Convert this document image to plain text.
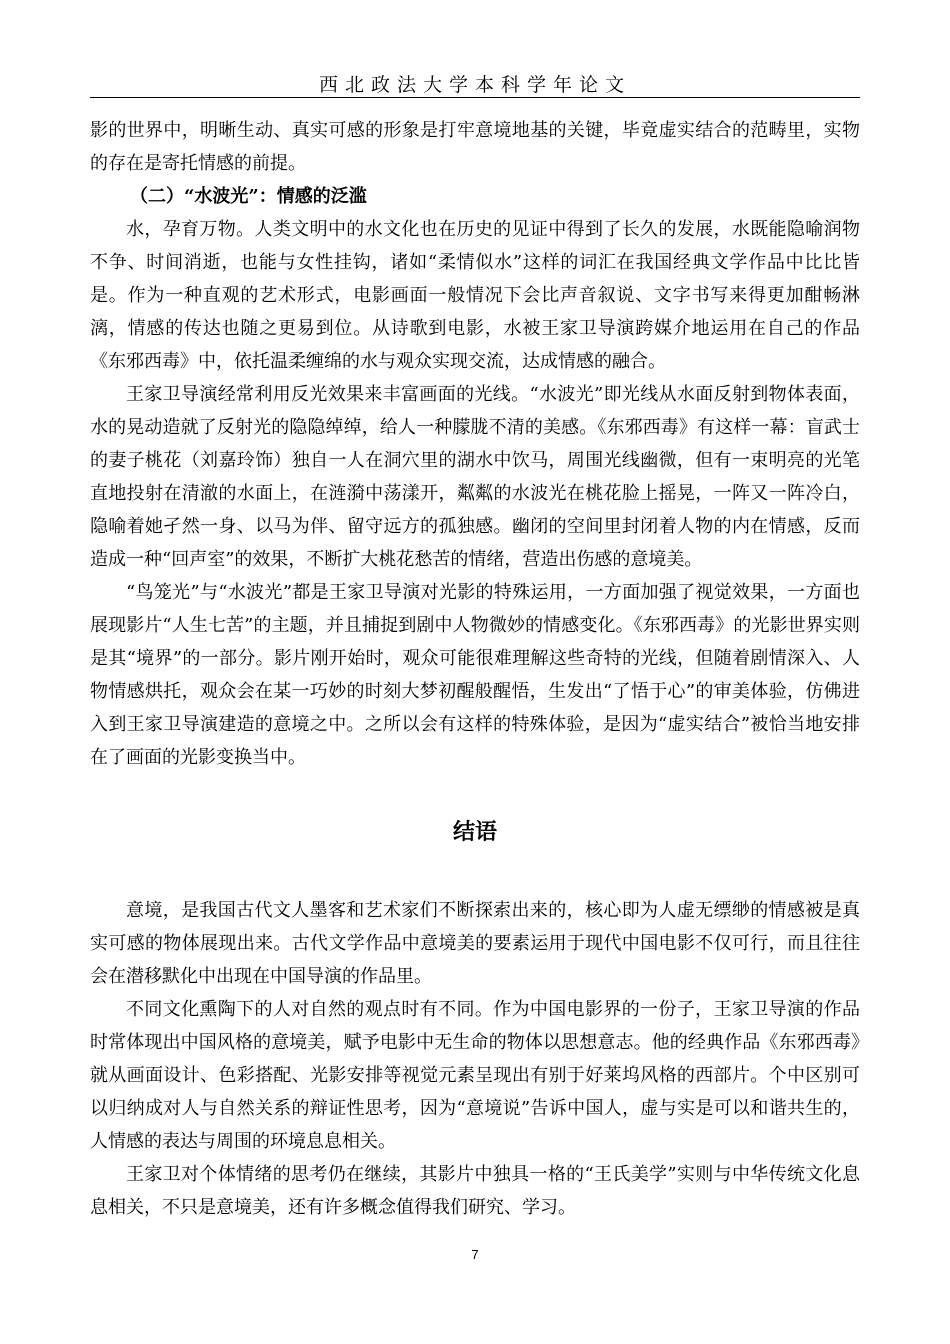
西北政法大学本科学年论文

影的世界中，明晰生动、真实可感的形象是打牢意境地基的关键，毕竟虚实结合的范畴里，实物的存在是寄托情感的前提。

（二）“水波光”：情感的泛滥

水，孕育万物。人类文明中的水文化也在历史的见证中得到了长久的发展，水既能隐喻润物不争、时间消逝，也能与女性挂钩，诸如“柔情似水”这样的词汇在我国经典文学作品中比比皆是。作为一种直观的艺术形式，电影画面一般情况下会比声音叙说、文字书写来得更加酣畅淋漓，情感的传达也随之更易到位。从诗歌到电影，水被王家卫导演跨媒介地运用在自己的作品《东邪西毒》中，依托温柔缠绵的水与观众实现交流，达成情感的融合。

王家卫导演经常利用反光效果来丰富画面的光线。“水波光”即光线从水面反射到物体表面，水的晃动造就了反射光的隐隐绰绰，给人一种朦胧不清的美感。《东邪西毒》有这样一幕：盲武士的妻子桃花（刘嘉玲饰）独自一人在洞穴里的湖水中饮马，周围光线幽微，但有一束明亮的光笔直地投射在清澈的水面上，在涟漪中荡漾开，粼粼的水波光在桃花脸上摇晃，一阵又一阵冷白，隐喻着她孑然一身、以马为伴、留守远方的孤独感。幽闭的空间里封闭着人物的内在情感，反而造成一种“回声室”的效果，不断扩大桃花愁苦的情绪，营造出伤感的意境美。

“鸟笼光”与“水波光”都是王家卫导演对光影的特殊运用，一方面加强了视觉效果，一方面也展现影片“人生七苦”的主题，并且捕捉到剧中人物微妙的情感变化。《东邪西毒》的光影世界实则是其“境界”的一部分。影片刚开始时，观众可能很难理解这些奇特的光线，但随着剧情深入、人物情感烘托，观众会在某一巧妙的时刻大梦初醒般醒悟，生发出“了悟于心”的审美体验，仿佛进入到王家卫导演建造的意境之中。之所以会有这样的特殊体验，是因为“虚实结合”被恰当地安排在了画面的光影变换当中。

结语

意境，是我国古代文人墨客和艺术家们不断探索出来的，核心即为人虚无缥缈的情感被是真实可感的物体展现出来。古代文学作品中意境美的要素运用于现代中国电影不仅可行，而且往往会在潜移默化中出现在中国导演的作品里。

不同文化熏陶下的人对自然的观点时有不同。作为中国电影界的一份子，王家卫导演的作品时常体现出中国风格的意境美，赋予电影中无生命的物体以思想意志。他的经典作品《东邪西毒》就从画面设计、色彩搭配、光影安排等视觉元素呈现出有别于好莱坞风格的西部片。个中区别可以归纳成对人与自然关系的辩证性思考，因为“意境说”告诉中国人，虚与实是可以和谐共生的，人情感的表达与周围的环境息息相关。

王家卫对个体情绪的思考仍在继续，其影片中独具一格的“王氏美学”实则与中华传统文化息息相关，不只是意境美，还有许多概念值得我们研究、学习。

7
